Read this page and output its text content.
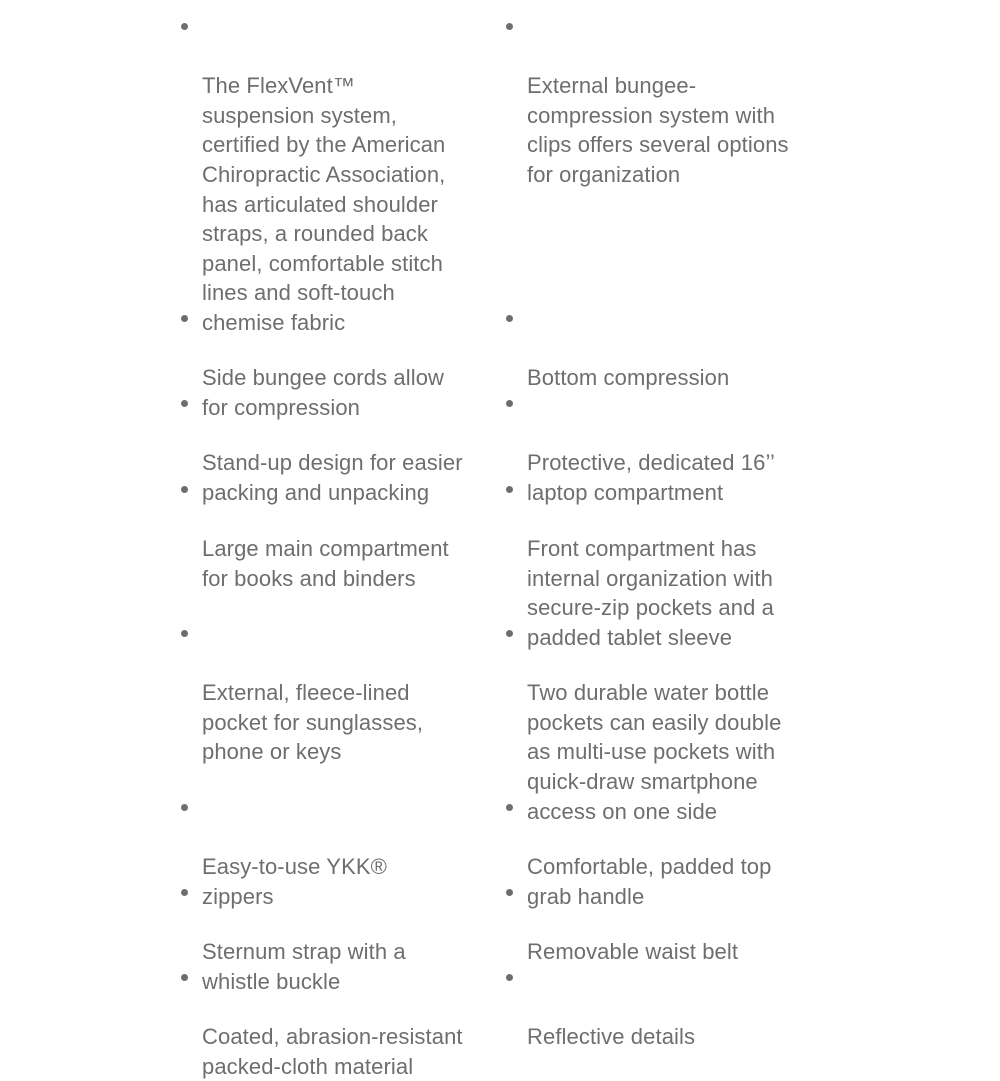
The FlexVent™
suspension system,
certified by the American
Chiropractic Association,
has articulated shoulder
straps, a rounded back
panel, comfortable stitch
lines and soft-touch
chemise fabric

External bungee-
compression system with
clips offers several options
for organization

Side bungee cords allow
for compression

Bottom compression

Stand-up design for easier
packing and unpacking

Protective, dedicated 16’’
laptop compartment

Large main compartment
for books and binders

Front compartment has
internal organization with
secure-zip pockets and a
padded tablet sleeve

External, fleece-lined
pocket for sunglasses,
phone or keys

Two durable water bottle
pockets can easily double
as multi-use pockets with
quick-draw smartphone
access on one side

Easy-to-use YKK®
zippers

Comfortable, padded top
grab handle

Sternum strap with a
whistle buckle

Removable waist belt

Coated, abrasion-resistant
packed-cloth material

Reflective details
